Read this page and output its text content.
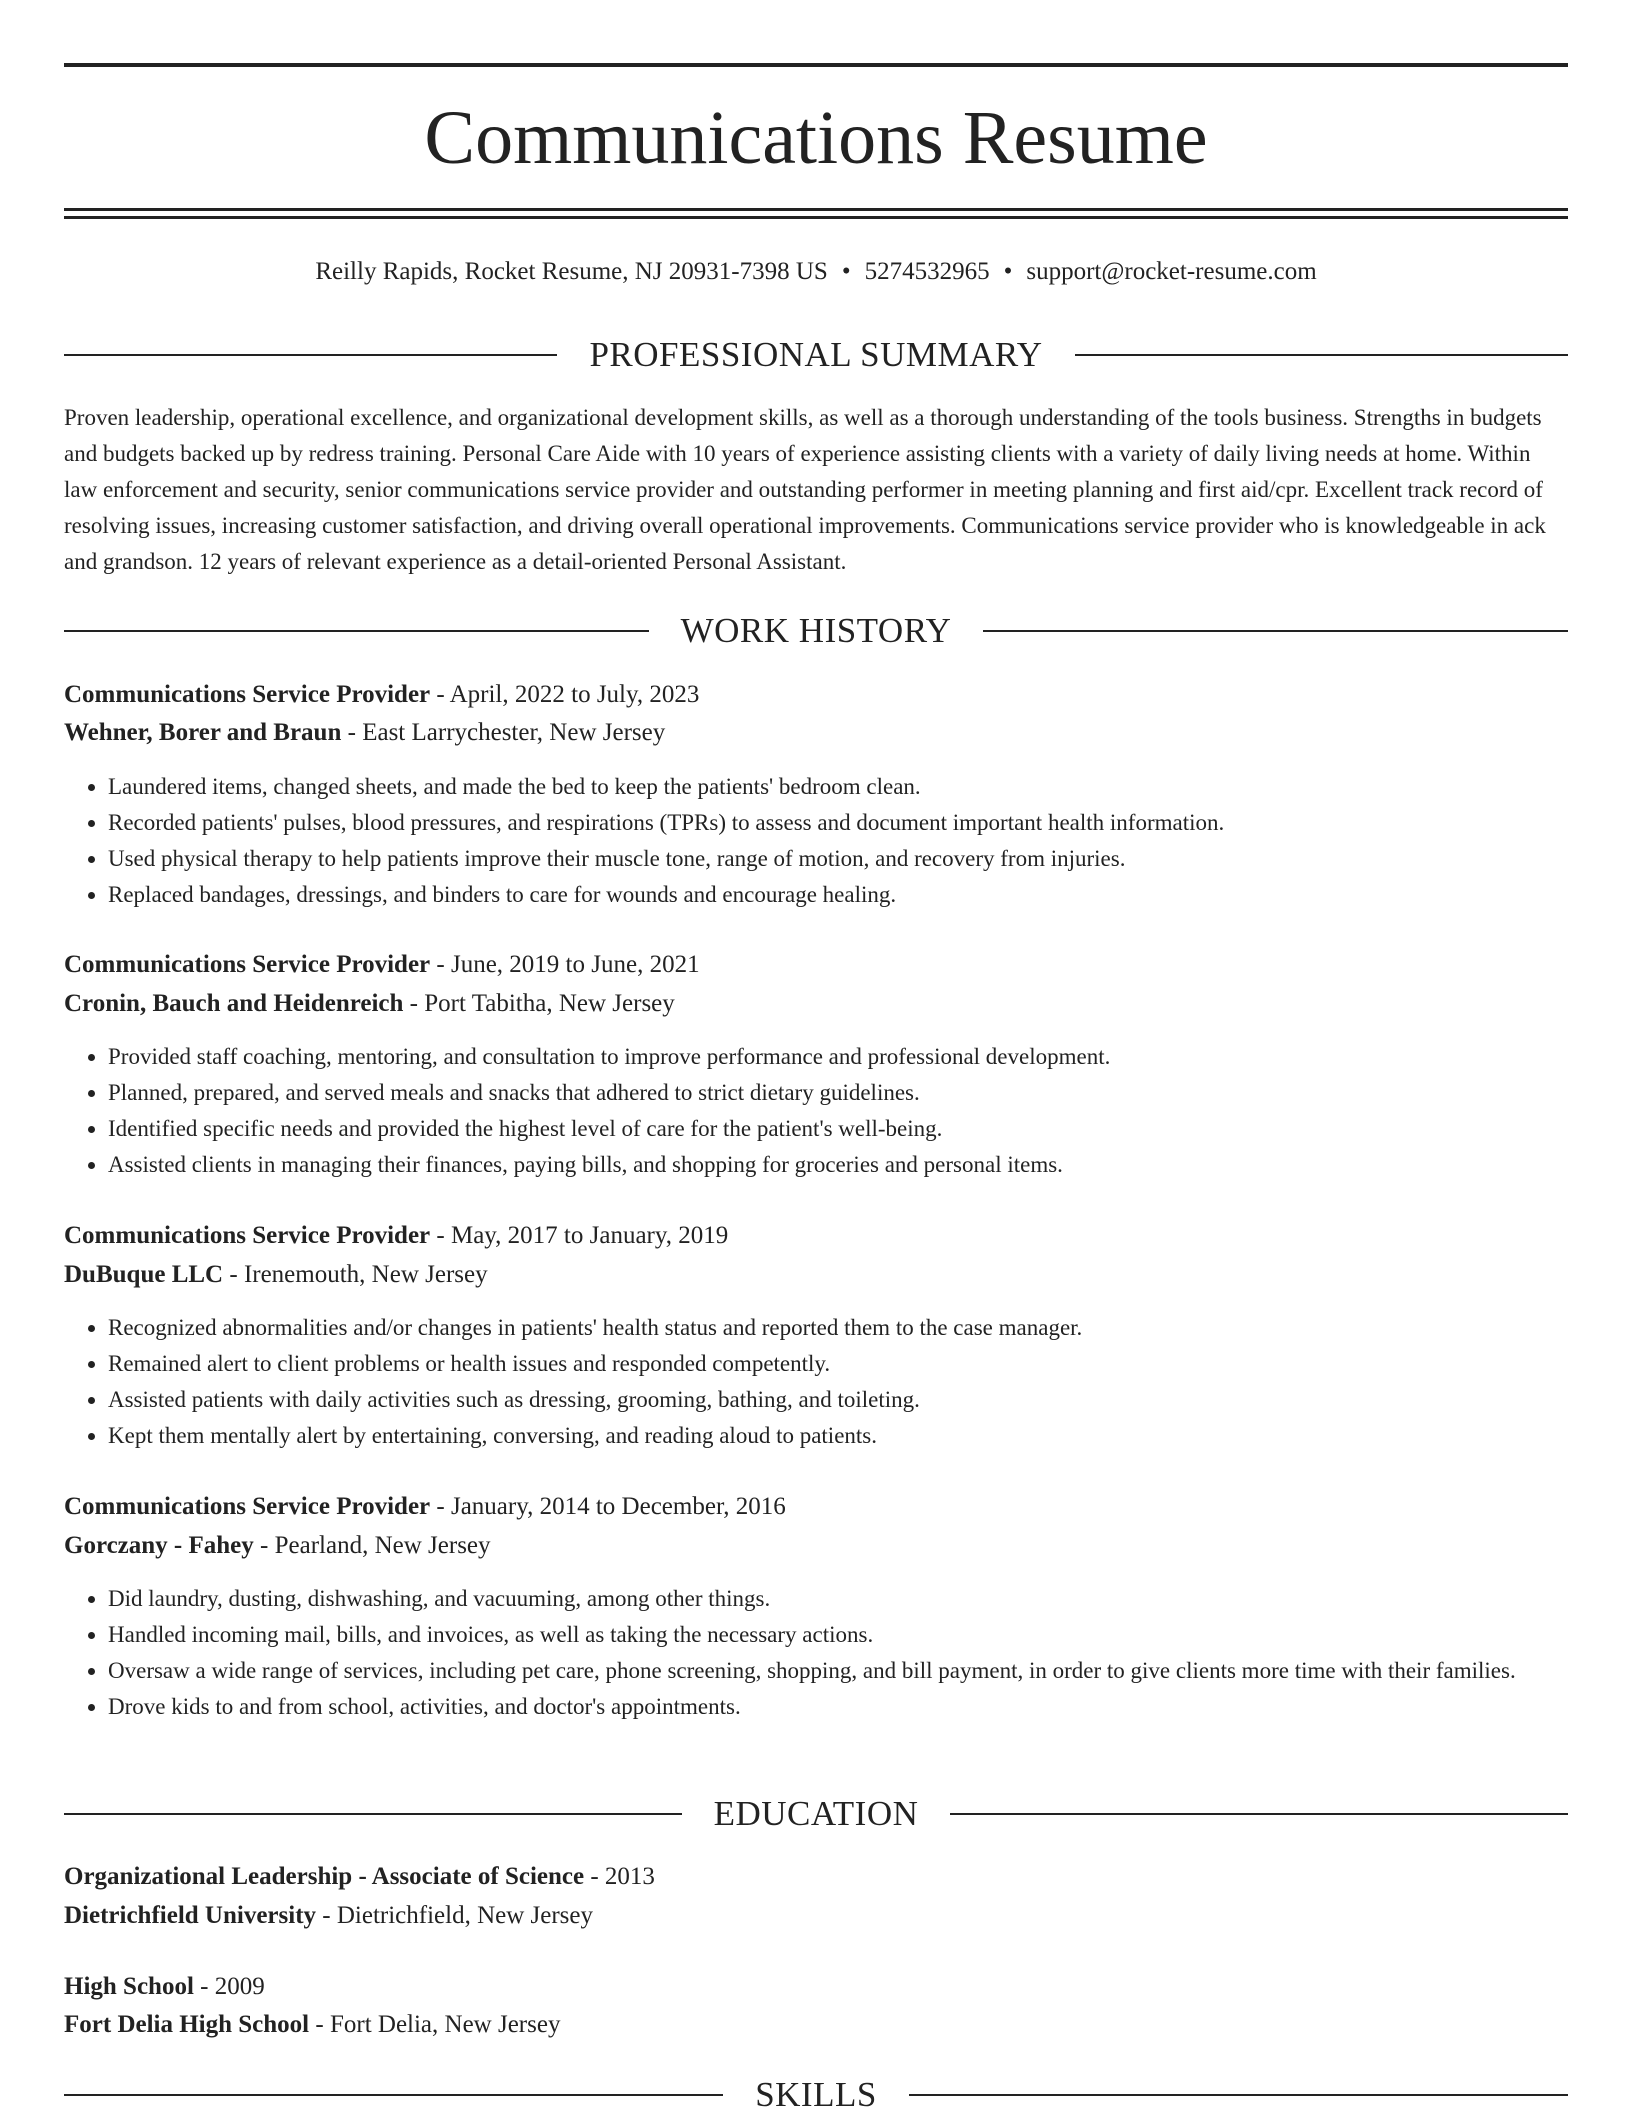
Communications Resume
Reilly Rapids, Rocket Resume, NJ 20931-7398 US • 5274532965 • support@rocket-resume.com
PROFESSIONAL SUMMARY

Proven leadership, operational excellence, and organizational development skills, as well as a thorough understanding of the tools business. Strengths in budgets and budgets backed up by redress training. Personal Care Aide with 10 years of experience assisting clients with a variety of daily living needs at home. Within law enforcement and security, senior communications service provider and outstanding performer in meeting planning and first aid/cpr. Excellent track record of resolving issues, increasing customer satisfaction, and driving overall operational improvements. Communications service provider who is knowledgeable in ack and grandson. 12 years of relevant experience as a detail-oriented Personal Assistant.

WORK HISTORY
Communications Service Provider - April, 2022 to July, 2023
Wehner, Borer and Braun - East Larrychester, New Jersey
• Laundered items, changed sheets, and made the bed to keep the patients' bedroom clean.
• Recorded patients' pulses, blood pressures, and respirations (TPRs) to assess and document important health information.
• Used physical therapy to help patients improve their muscle tone, range of motion, and recovery from injuries.
• Replaced bandages, dressings, and binders to care for wounds and encourage healing.
Communications Service Provider - June, 2019 to June, 2021
Cronin, Bauch and Heidenreich - Port Tabitha, New Jersey
• Provided staff coaching, mentoring, and consultation to improve performance and professional development.
• Planned, prepared, and served meals and snacks that adhered to strict dietary guidelines.
• Identified specific needs and provided the highest level of care for the patient's well-being.
• Assisted clients in managing their finances, paying bills, and shopping for groceries and personal items.
Communications Service Provider - May, 2017 to January, 2019
DuBuque LLC - Irenemouth, New Jersey
• Recognized abnormalities and/or changes in patients' health status and reported them to the case manager.
• Remained alert to client problems or health issues and responded competently.
• Assisted patients with daily activities such as dressing, grooming, bathing, and toileting.
• Kept them mentally alert by entertaining, conversing, and reading aloud to patients.
Communications Service Provider - January, 2014 to December, 2016
Gorczany - Fahey - Pearland, New Jersey
• Did laundry, dusting, dishwashing, and vacuuming, among other things.
• Handled incoming mail, bills, and invoices, as well as taking the necessary actions.
• Oversaw a wide range of services, including pet care, phone screening, shopping, and bill payment, in order to give clients more time with their families.
• Drove kids to and from school, activities, and doctor's appointments.
EDUCATION
Organizational Leadership - Associate of Science - 2013
Dietrichfield University - Dietrichfield, New Jersey
High School - 2009
Fort Delia High School - Fort Delia, New Jersey
SKILLS
